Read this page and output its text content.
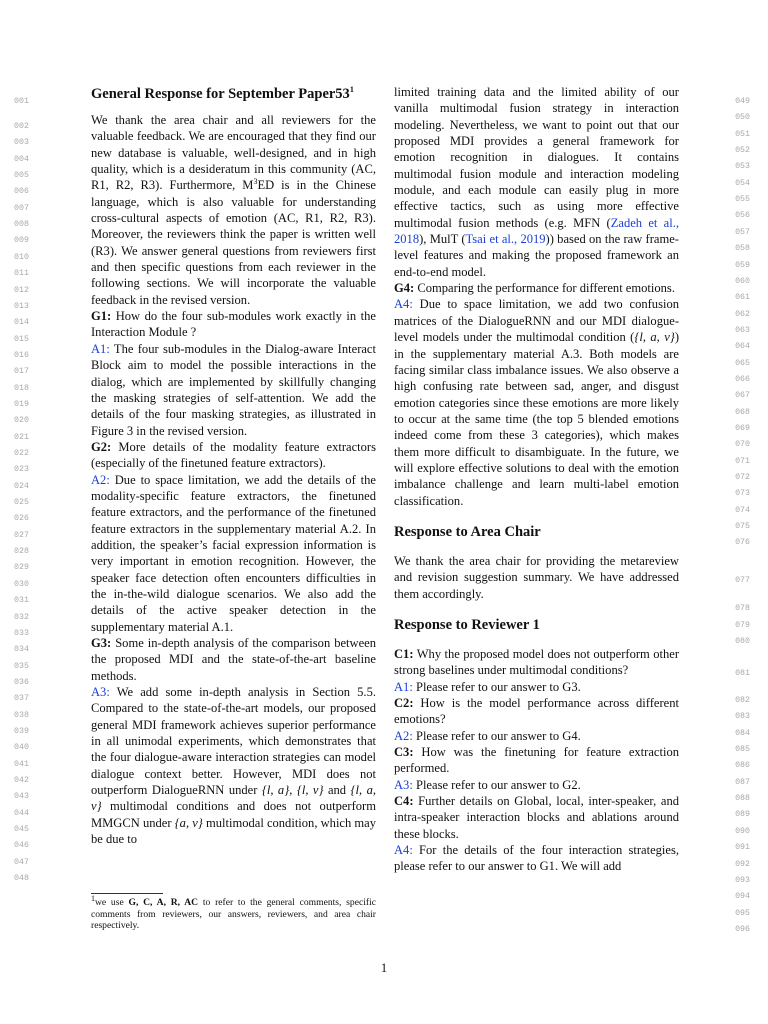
001
002
003
004
005
006
007
008
009
010
011
012
013
014
015
016
017
018
019
020
021
022
023
024
025
026
027
028
029
030
031
032
033
034
035
036
037
038
039
040
041
042
043
044
045
046
047
048
049
050
051
052
053
054
055
056
057
058
059
060
061
062
063
064
065
066
067
068
069
070
071
072
073
074
075
076
077
078
079
080
081
082
083
084
085
086
087
088
089
090
091
092
093
094
095
096
General Response for September $Paper53^1$

We thank the area chair and all reviewers for the valuable feedback. We are encouraged that they find our new database is valuable, well-designed, and in high quality, which is a desideratum in this community (AC, R1, R2, R3). Furthermore, $M^3ED$ is in the Chinese language, which is also valuable for understanding cross-cultural aspects of emotion (AC, R1, R2, R3). Moreover, the reviewers think the paper is written well (R3). We answer general questions from reviewers first and then specific questions from each reviewer in the following sections. We will incorporate the valuable feedback in the revised version.

G1: How do the four sub-modules work exactly in the Interaction Module ?

A1: The four sub-modules in the Dialog-aware Interact Block aim to model the possible interactions in the dialog, which are implemented by skillfully changing the masking strategies of self-attention. We add the details of the four masking strategies, as illustrated in Figure 3 in the revised version.

G2: More details of the modality feature extractors (especially of the finetuned feature extractors).

A2: Due to space limitation, we add the details of the modality-specific feature extractors, the finetuned feature extractors, and the performance of the finetuned feature extractors in the supplementary material A.2. In addition, the speaker’s facial expression information is very important in emotion recognition. However, the speaker face detection often encounters difficulties in the in-the-wild dialogue scenarios. We also add the details of the active speaker detection in the supplementary material A.1.

G3: Some in-depth analysis of the comparison between the proposed MDI and the state-of-the-art baseline methods.

A3: We add some in-depth analysis in Section 5.5. Compared to the state-of-the-art models, our proposed general MDI framework achieves superior performance in all unimodal experiments, which demonstrates that the four dialogue-aware interaction strategies can model dialogue context better. However, MDI does not outperform DialogueRNN under {l, a}, {l, v} and {l, a, v} multimodal conditions and does not outperform MMGCN under {a, v} multimodal condition, which may be due to

limited training data and the limited ability of our vanilla multimodal fusion strategy in interaction modeling. Nevertheless, we want to point out that our proposed MDI provides a general framework for emotion recognition in dialogues. It contains multimodal fusion module and interaction modeling module, and each module can easily plug in more effective tactics, such as using more effective multimodal fusion methods (e.g. MFN (Zadeh et al., 2018), MulT (Tsai et al., 2019)) based on the raw frame-level features and making the proposed framework an end-to-end model.

G4: Comparing the performance for different emotions.

A4: Due to space limitation, we add two confusion matrices of the DialogueRNN and our MDI dialogue-level models under the multimodal condition ({l, a, v}) in the supplementary material A.3. Both models are facing similar class imbalance issues. We also observe a high confusing rate between sad, anger, and disgust emotion categories since these emotions are more likely to occur at the same time (the top 5 blended emotions indeed come from these 3 categories), which makes them more difficult to disambiguate. In the future, we will explore effective solutions to deal with the emotion imbalance challenge and learn multi-label emotion classification.

Response to Area Chair

We thank the area chair for providing the metareview and revision suggestion summary. We have addressed them accordingly.

Response to Reviewer 1

C1: Why the proposed model does not outperform other strong baselines under multimodal conditions?

A1: Please refer to our answer to G3.

C2: How is the model performance across different emotions?

A2: Please refer to our answer to G4.

C3: How was the finetuning for feature extraction performed.

A3: Please refer to our answer to G2.

C4: Further details on Global, local, inter-speaker, and intra-speaker interaction blocks and ablations around these blocks.

A4: For the details of the four interaction strategies, please refer to our answer to G1. We will add

$^1$we use G, C, A, R, AC to refer to the general comments, specific comments from reviewers, our answers, reviewers, and area chair respectively.
1
